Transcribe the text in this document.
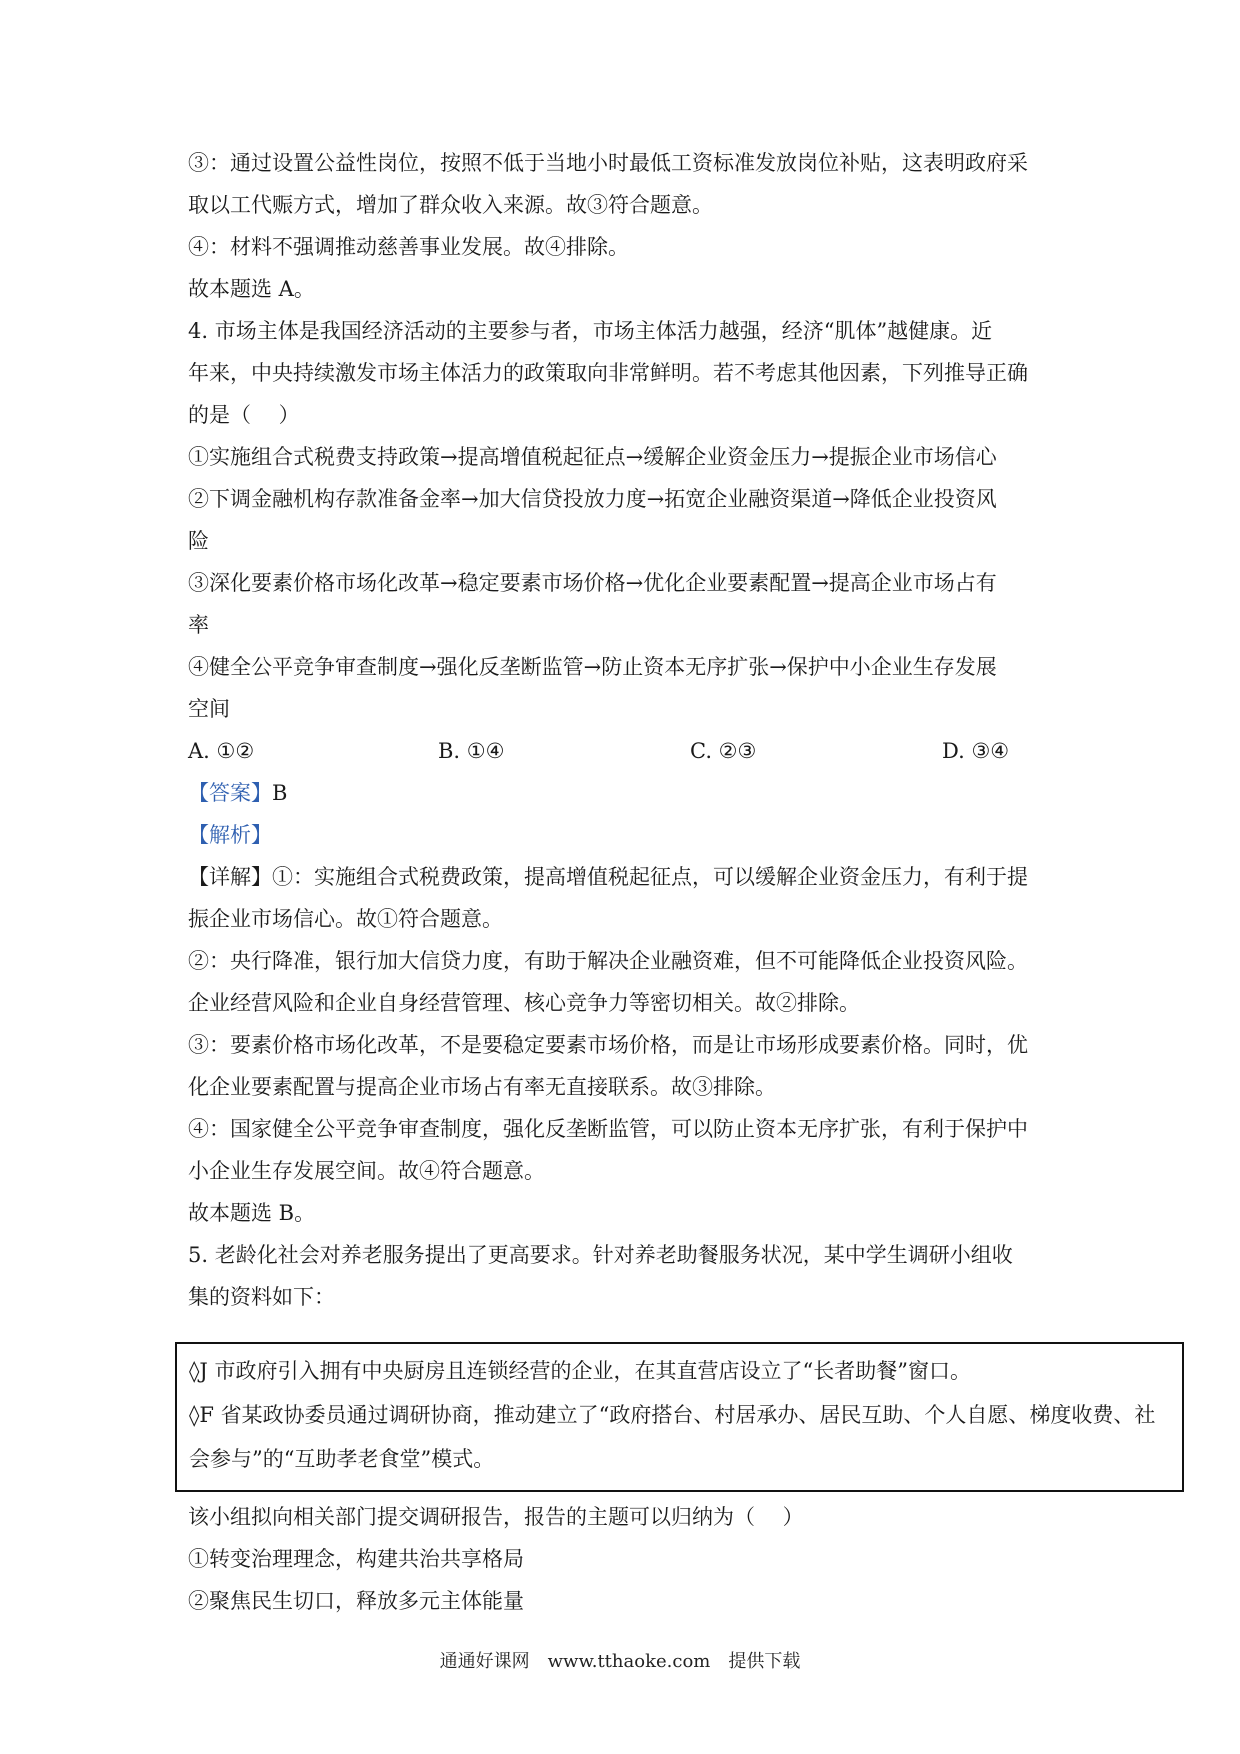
③：通过设置公益性岗位，按照不低于当地小时最低工资标准发放岗位补贴，这表明政府采
取以工代赈方式，增加了群众收入来源。故③符合题意。
④：材料不强调推动慈善事业发展。故④排除。
故本题选 A。
4. 市场主体是我国经济活动的主要参与者，市场主体活力越强，经济“肌体”越健康。近
年来，中央持续激发市场主体活力的政策取向非常鲜明。若不考虑其他因素，下列推导正确
的是（　 ）
①实施组合式税费支持政策→提高增值税起征点→缓解企业资金压力→提振企业市场信心
②下调金融机构存款准备金率→加大信贷投放力度→拓宽企业融资渠道→降低企业投资风
险
③深化要素价格市场化改革→稳定要素市场价格→优化企业要素配置→提高企业市场占有
率
④健全公平竞争审查制度→强化反垄断监管→防止资本无序扩张→保护中小企业生存发展
空间
A. ①②	B. ①④	C. ②③	D. ③④
【答案】B
【解析】
【详解】①：实施组合式税费政策，提高增值税起征点，可以缓解企业资金压力，有利于提
振企业市场信心。故①符合题意。
②：央行降准，银行加大信贷力度，有助于解决企业融资难，但不可能降低企业投资风险。
企业经营风险和企业自身经营管理、核心竞争力等密切相关。故②排除。
③：要素价格市场化改革，不是要稳定要素市场价格，而是让市场形成要素价格。同时，优
化企业要素配置与提高企业市场占有率无直接联系。故③排除。
④：国家健全公平竞争审查制度，强化反垄断监管，可以防止资本无序扩张，有利于保护中
小企业生存发展空间。故④符合题意。
故本题选 B。
5. 老龄化社会对养老服务提出了更高要求。针对养老助餐服务状况，某中学生调研小组收
集的资料如下：
◊J 市政府引入拥有中央厨房且连锁经营的企业，在其直营店设立了“长者助餐”窗口。
◊F 省某政协委员通过调研协商，推动建立了“政府搭台、村居承办、居民互助、个人自愿、梯度收费、社
会参与”的“互助孝老食堂”模式。
该小组拟向相关部门提交调研报告，报告的主题可以归纳为（　 ）
①转变治理理念，构建共治共享格局
②聚焦民生切口，释放多元主体能量
通通好课网　www.tthaoke.com　提供下载
